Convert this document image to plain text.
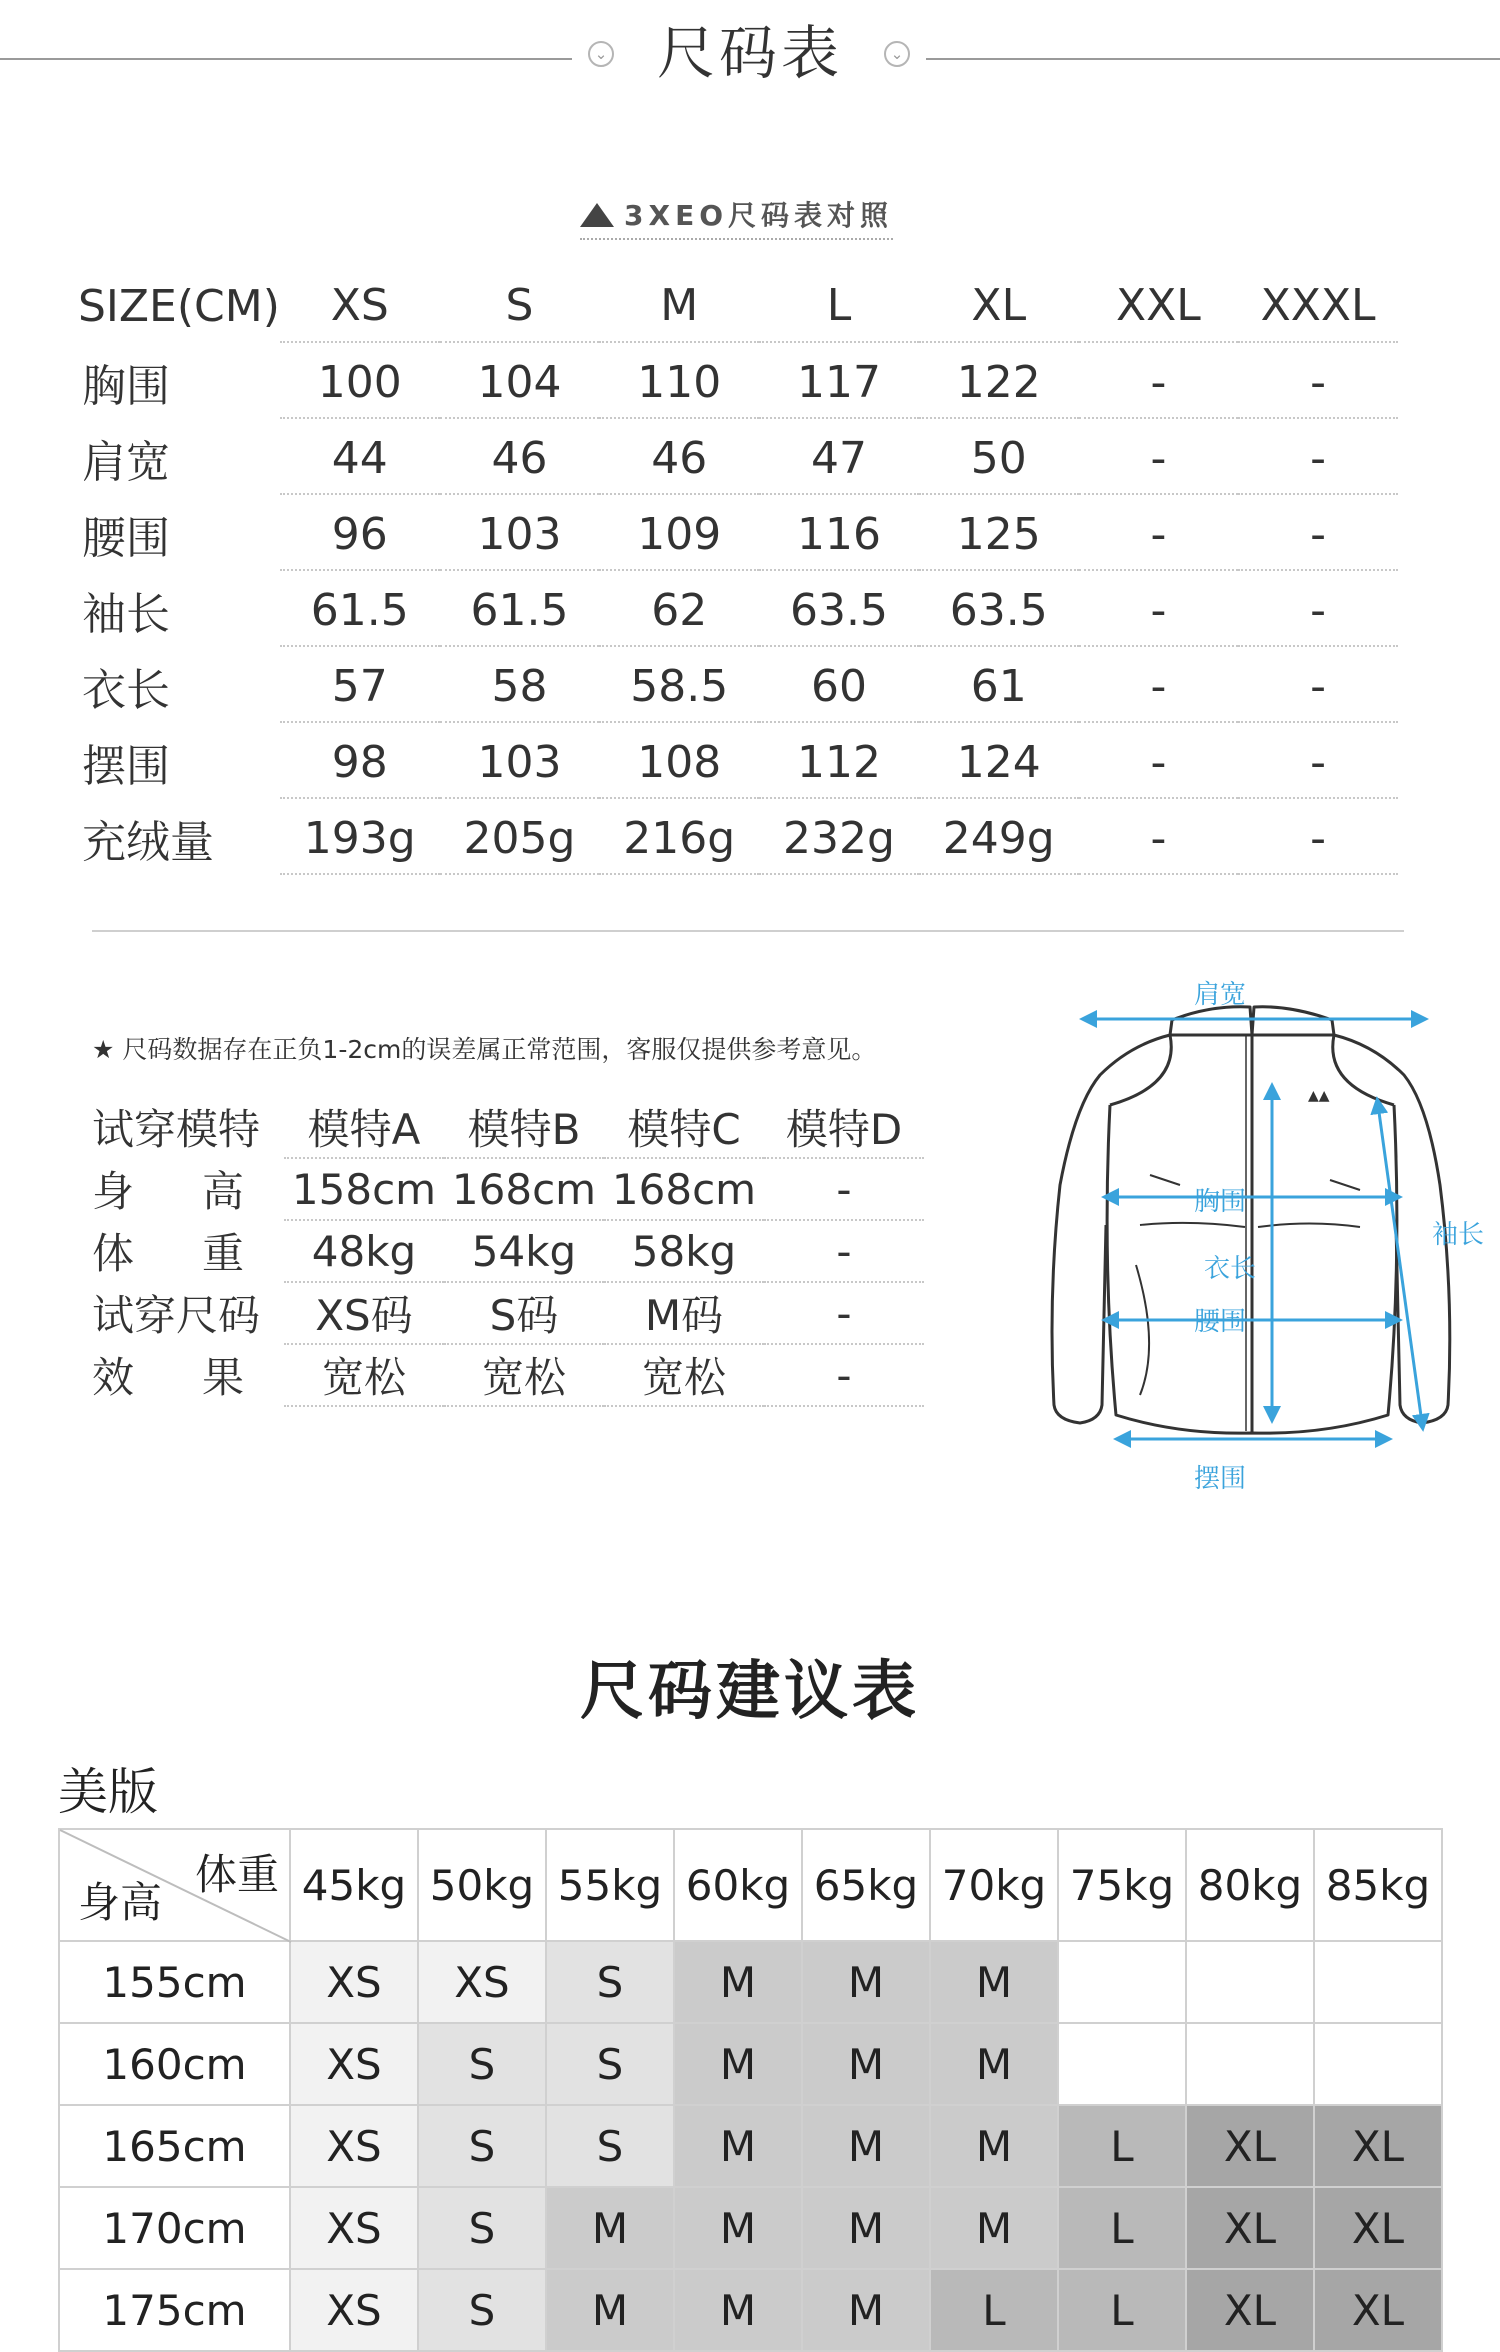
⌄ 尺码表	⌄
3XEO尺码表对照
SIZE(CM)	XS	S	M	L	XL	XXL	XXXL
胸围	100	104	110	117	122	-	-
肩宽	44	46	46	47	50	-	-
腰围	96	103	109	116	125	-	-
袖长	61.5	61.5	62	63.5	63.5	-	-
衣长	57	58	58.5	60	61	-	-
摆围	98	103	108	112	124	-	-
充绒量	193g	205g	216g	232g	249g	-	-
★ 尺码数据存在正负1-2cm的误差属正常范围，客服仅提供参考意见。
试穿模特	模特A	模特B	模特C	模特D

身 高	158cm	168cm	168cm	-

体 重	48kg	54kg	58kg	-
试穿尺码	XS码	S码	M码	-

效 果	宽松	宽松	宽松	-
▲▲
肩宽
胸围
衣长
腰围
摆围
袖长
尺码建议表
美版
体重
身高	45kg	50kg	55kg	60kg	65kg	70kg	75kg	80kg	85kg
155cm	XS	XS	S	M	M	M			
160cm	XS	S	S	M	M	M			
165cm	XS	S	S	M	M	M	L	XL	XL
170cm	XS	S	M	M	M	M	L	XL	XL
175cm	XS	S	M	M	M	L	L	XL	XL
